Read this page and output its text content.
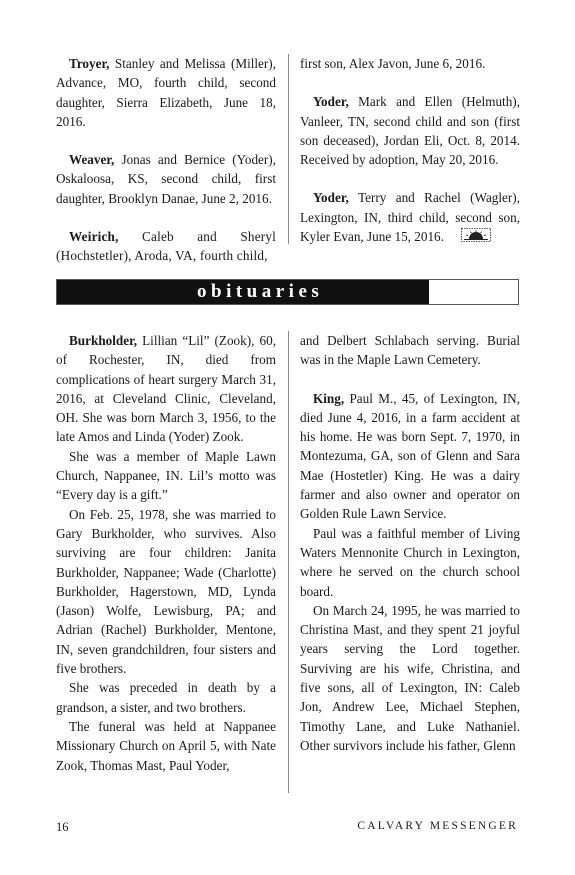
Troyer, Stanley and Melissa (Miller), Advance, MO, fourth child, second daughter, Sierra Elizabeth, June 18, 2016.

Weaver, Jonas and Bernice (Yoder), Oskaloosa, KS, second child, first daughter, Brooklyn Danae, June 2, 2016.

Weirich, Caleb and Sheryl (Hochstetler), Aroda, VA, fourth child,

first son, Alex Javon, June 6, 2016.

Yoder, Mark and Ellen (Helmuth), Vanleer, TN, second child and son (first son deceased), Jordan Eli, Oct. 8, 2014. Received by adoption, May 20, 2016.

Yoder, Terry and Rachel (Wagler), Lexington, IN, third child, second son, Kyler Evan, June 15, 2016.

obituaries

Burkholder, Lillian “Lil” (Zook), 60, of Rochester, IN, died from complications of heart surgery March 31, 2016, at Cleveland Clinic, Cleveland, OH. She was born March 3, 1956, to the late Amos and Linda (Yoder) Zook.

She was a member of Maple Lawn Church, Nappanee, IN. Lil’s motto was “Every day is a gift.”

On Feb. 25, 1978, she was married to Gary Burkholder, who survives. Also surviving are four children: Janita Burkholder, Nappanee; Wade (Charlotte) Burkholder, Hagerstown, MD, Lynda (Jason) Wolfe, Lewisburg, PA; and Adrian (Rachel) Burkholder, Mentone, IN, seven grandchildren, four sisters and five brothers.

She was preceded in death by a grandson, a sister, and two brothers.

The funeral was held at Nappanee Missionary Church on April 5, with Nate Zook, Thomas Mast, Paul Yoder,

and Delbert Schlabach serving. Burial was in the Maple Lawn Cemetery.

King, Paul M., 45, of Lexington, IN, died June 4, 2016, in a farm accident at his home. He was born Sept. 7, 1970, in Montezuma, GA, son of Glenn and Sara Mae (Hostetler) King. He was a dairy farmer and also owner and operator on Golden Rule Lawn Service.

Paul was a faithful member of Living Waters Mennonite Church in Lexington, where he served on the church school board.

On March 24, 1995, he was married to Christina Mast, and they spent 21 joyful years serving the Lord together. Surviving are his wife, Christina, and five sons, all of Lexington, IN: Caleb Jon, Andrew Lee, Michael Stephen, Timothy Lane, and Luke Nathaniel. Other survivors include his father, Glenn

16	CALVARY MESSENGER
